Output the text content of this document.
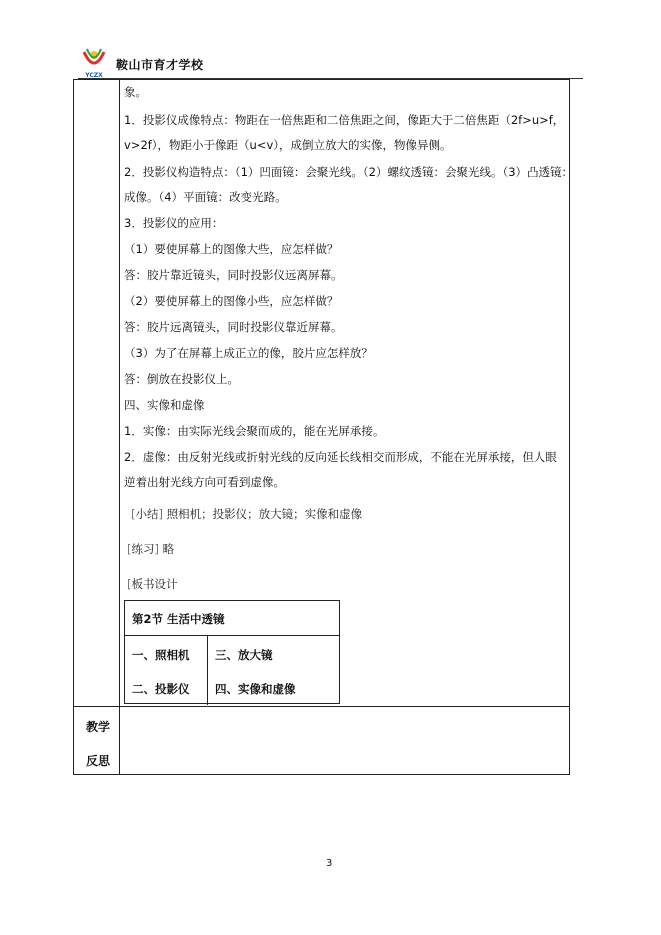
YCZX
鞍山市育才学校
教学
反思
象。
1．投影仪成像特点：物距在一倍焦距和二倍焦距之间，像距大于二倍焦距（2f>u>f，
v>2f），物距小于像距（u<v），成倒立放大的实像，物像异侧。
2．投影仪构造特点：（1）凹面镜：会聚光线。（2）螺纹透镜：会聚光线。（3）凸透镜：
成像。（4）平面镜：改变光路。
3．投影仪的应用：
（1）要使屏幕上的图像大些，应怎样做？
答：胶片靠近镜头，同时投影仪远离屏幕。
（2）要使屏幕上的图像小些，应怎样做？
答：胶片远离镜头，同时投影仪靠近屏幕。
（3）为了在屏幕上成正立的像，胶片应怎样放？
答：倒放在投影仪上。
四、实像和虚像
1．实像：由实际光线会聚而成的，能在光屏承接。
2．虚像：由反射光线或折射光线的反向延长线相交而形成，不能在光屏承接，但人眼
逆着出射光线方向可看到虚像。
[小结] 照相机；投影仪；放大镜；实像和虚像
[练习] 略
[板书设计
第2节 生活中透镜
一、照相机 三、放大镜
二、投影仪 四、实像和虚像
3
